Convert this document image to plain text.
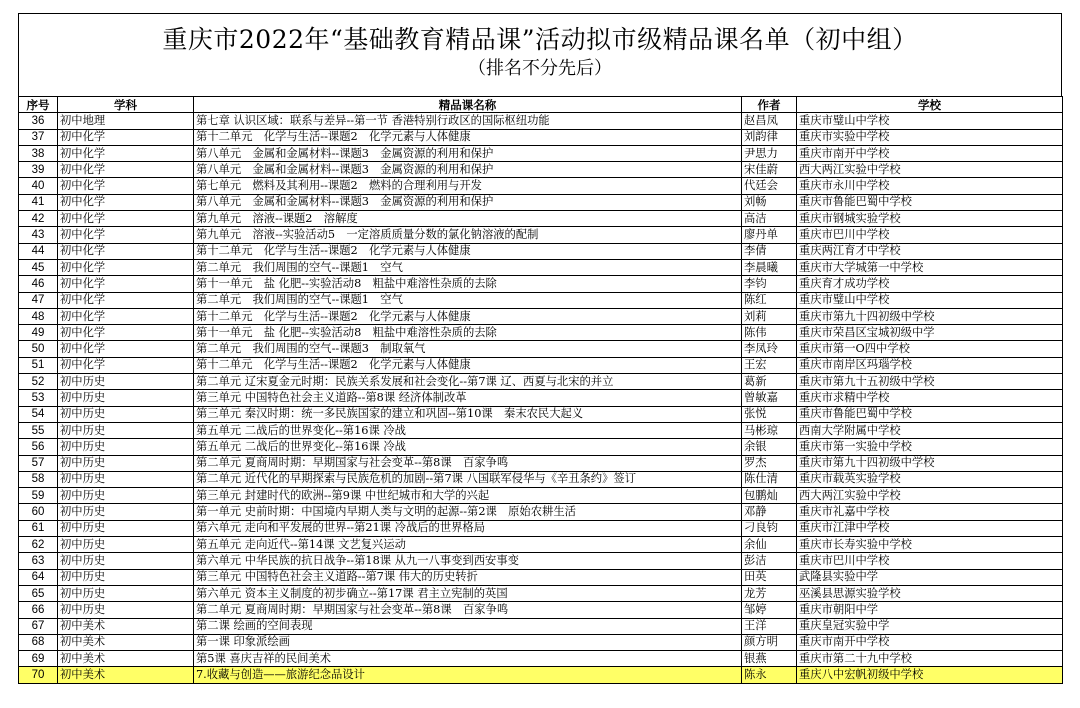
重庆市2022年“基础教育精品课”活动拟市级精品课名单（初中组）
（排名不分先后）
序号	学科	精品课名称	作者	学校
36	初中地理	第七章 认识区域：联系与差异--第一节 香港特别行政区的国际枢纽功能	赵昌凤	重庆市璧山中学校
37	初中化学	第十二单元　化学与生活--课题2　化学元素与人体健康	刘韵律	重庆市实验中学校
38	初中化学	第八单元　金属和金属材料--课题3　金属资源的利用和保护	尹思力	重庆市南开中学校
39	初中化学	第八单元　金属和金属材料--课题3　金属资源的利用和保护	宋佳蔚	西大两江实验中学校
40	初中化学	第七单元　燃料及其利用--课题2　燃料的合理利用与开发	代廷会	重庆市永川中学校
41	初中化学	第八单元　金属和金属材料--课题3　金属资源的利用和保护	刘畅	重庆市鲁能巴蜀中学校
42	初中化学	第九单元　溶液--课题2　溶解度	高洁	重庆市钢城实验学校
43	初中化学	第九单元　溶液--实验活动5　一定溶质质量分数的氯化钠溶液的配制	廖丹单	重庆市巴川中学校
44	初中化学	第十二单元　化学与生活--课题2　化学元素与人体健康	李倩	重庆两江育才中学校
45	初中化学	第二单元　我们周围的空气--课题1　空气	李晨曦	重庆市大学城第一中学校
46	初中化学	第十一单元　盐 化肥--实验活动8　粗盐中难溶性杂质的去除	李钧	重庆育才成功学校
47	初中化学	第二单元　我们周围的空气--课题1　空气	陈红	重庆市璧山中学校
48	初中化学	第十二单元　化学与生活--课题2　化学元素与人体健康	刘莉	重庆市第九十四初级中学校
49	初中化学	第十一单元　盐 化肥--实验活动8　粗盐中难溶性杂质的去除	陈伟	重庆市荣昌区宝城初级中学
50	初中化学	第二单元　我们周围的空气--课题3　制取氧气	李凤玲	重庆市第一O四中学校
51	初中化学	第十二单元　化学与生活--课题2　化学元素与人体健康	王宏	重庆市南岸区玛瑙学校
52	初中历史	第二单元 辽宋夏金元时期：民族关系发展和社会变化--第7课 辽、西夏与北宋的并立	葛新	重庆市第九十五初级中学校
53	初中历史	第三单元 中国特色社会主义道路--第8课 经济体制改革	曾敏嘉	重庆市求精中学校
54	初中历史	第三单元 秦汉时期：统一多民族国家的建立和巩固--第10课　秦末农民大起义	张悦	重庆市鲁能巴蜀中学校
55	初中历史	第五单元 二战后的世界变化--第16课 冷战	马彬琼	西南大学附属中学校
56	初中历史	第五单元 二战后的世界变化--第16课 冷战	余银	重庆市第一实验中学校
57	初中历史	第二单元 夏商周时期：早期国家与社会变革--第8课　百家争鸣	罗杰	重庆市第九十四初级中学校
58	初中历史	第二单元 近代化的早期探索与民族危机的加剧--第7课 八国联军侵华与《辛丑条约》签订	陈仕清	重庆市载英实验学校
59	初中历史	第三单元 封建时代的欧洲--第9课 中世纪城市和大学的兴起	包鹏灿	西大两江实验中学校
60	初中历史	第一单元 史前时期：中国境内早期人类与文明的起源--第2课　原始农耕生活	邓静	重庆市礼嘉中学校
61	初中历史	第六单元 走向和平发展的世界--第21课 冷战后的世界格局	刁良钧	重庆市江津中学校
62	初中历史	第五单元 走向近代--第14课 文艺复兴运动	余仙	重庆市长寿实验中学校
63	初中历史	第六单元 中华民族的抗日战争--第18课 从九一八事变到西安事变	彭洁	重庆市巴川中学校
64	初中历史	第三单元 中国特色社会主义道路--第7课 伟大的历史转折	田英	武隆县实验中学
65	初中历史	第六单元 资本主义制度的初步确立--第17课 君主立宪制的英国	龙芳	巫溪县思源实验学校
66	初中历史	第二单元 夏商周时期：早期国家与社会变革--第8课　百家争鸣	邹婷	重庆市朝阳中学
67	初中美术	第二课 绘画的空间表现	王洋	重庆皇冠实验中学
68	初中美术	第一课 印象派绘画	颜方明	重庆市南开中学校
69	初中美术	第5课 喜庆吉祥的民间美术	银燕	重庆市第二十九中学校
70	初中美术	7.收藏与创造——旅游纪念品设计	陈永	重庆八中宏帆初级中学校
